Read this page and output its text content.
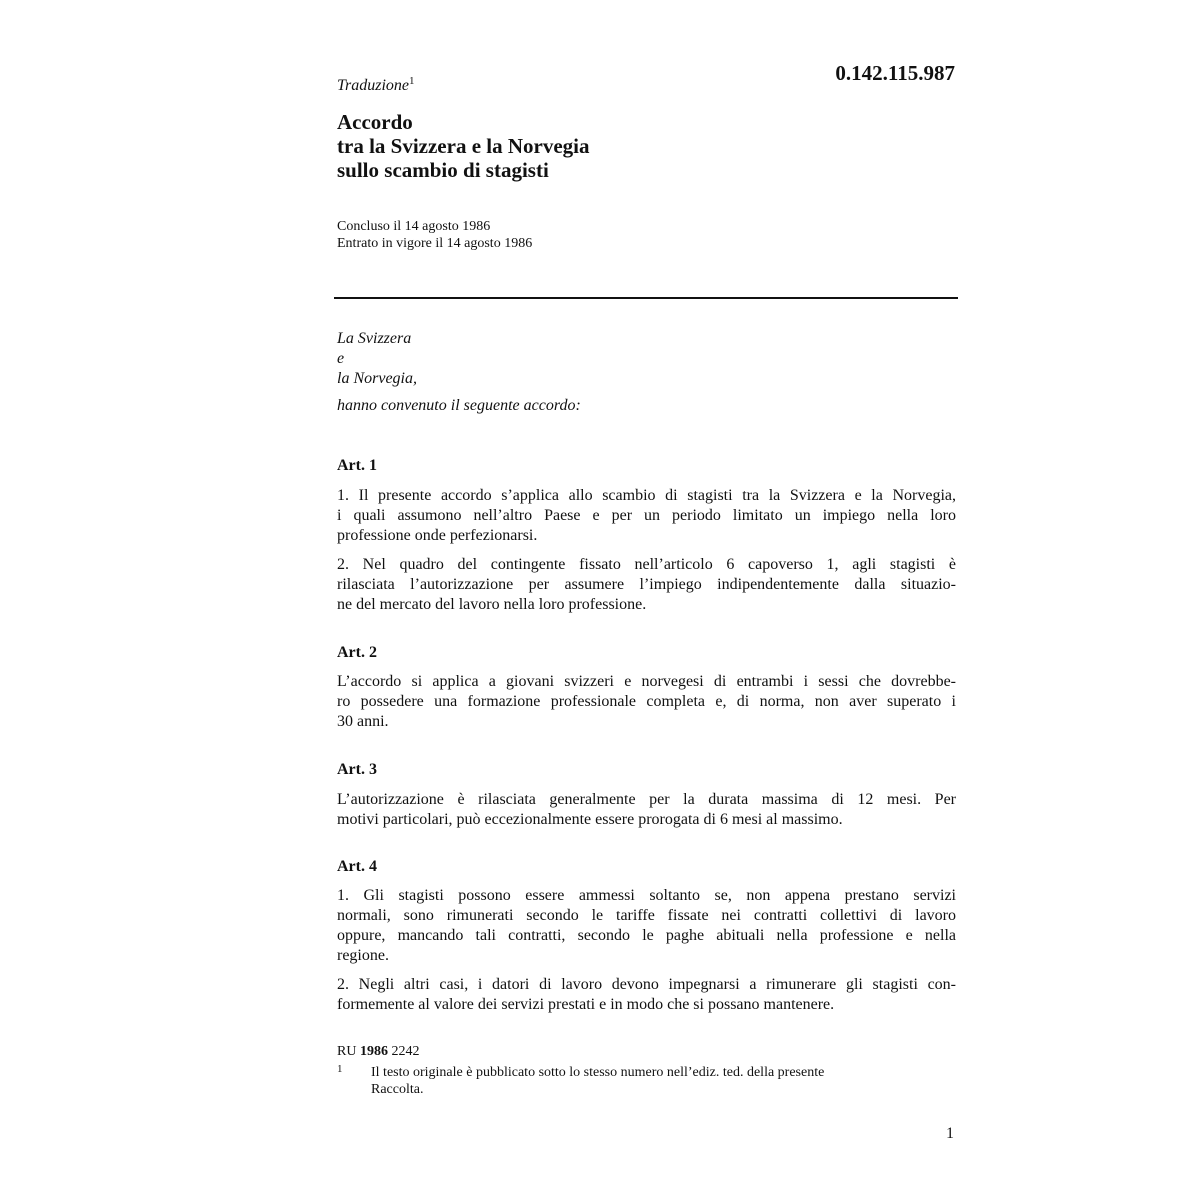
0.142.115.987
Traduzione$^1$
Accordo
tra la Svizzera e la Norvegia
sullo scambio di stagisti
Concluso il 14 agosto 1986
Entrato in vigore il 14 agosto 1986
La Svizzera
e
la Norvegia,
hanno convenuto il seguente accordo:
Art. 1
1. Il presente accordo s’applica allo scambio di stagisti tra la Svizzera e la Norvegia,
i quali assumono nell’altro Paese e per un periodo limitato un impiego nella loro
professione onde perfezionarsi.
2. Nel quadro del contingente fissato nell’articolo 6 capoverso 1, agli stagisti è
rilasciata l’autorizzazione per assumere l’impiego indipendentemente dalla situazio-
ne del mercato del lavoro nella loro professione.
Art. 2
L’accordo si applica a giovani svizzeri e norvegesi di entrambi i sessi che dovrebbe-
ro possedere una formazione professionale completa e, di norma, non aver superato i
30 anni.
Art. 3
L’autorizzazione è rilasciata generalmente per la durata massima di 12 mesi. Per
motivi particolari, può eccezionalmente essere prorogata di 6 mesi al massimo.
Art. 4
1. Gli stagisti possono essere ammessi soltanto se, non appena prestano servizi
normali, sono rimunerati secondo le tariffe fissate nei contratti collettivi di lavoro
oppure, mancando tali contratti, secondo le paghe abituali nella professione e nella
regione.
2. Negli altri casi, i datori di lavoro devono impegnarsi a rimunerare gli stagisti con-
formemente al valore dei servizi prestati e in modo che si possano mantenere.
RU 1986 2242
1 Il testo originale è pubblicato sotto lo stesso numero nell’ediz. ted. della presente
Raccolta.
1
